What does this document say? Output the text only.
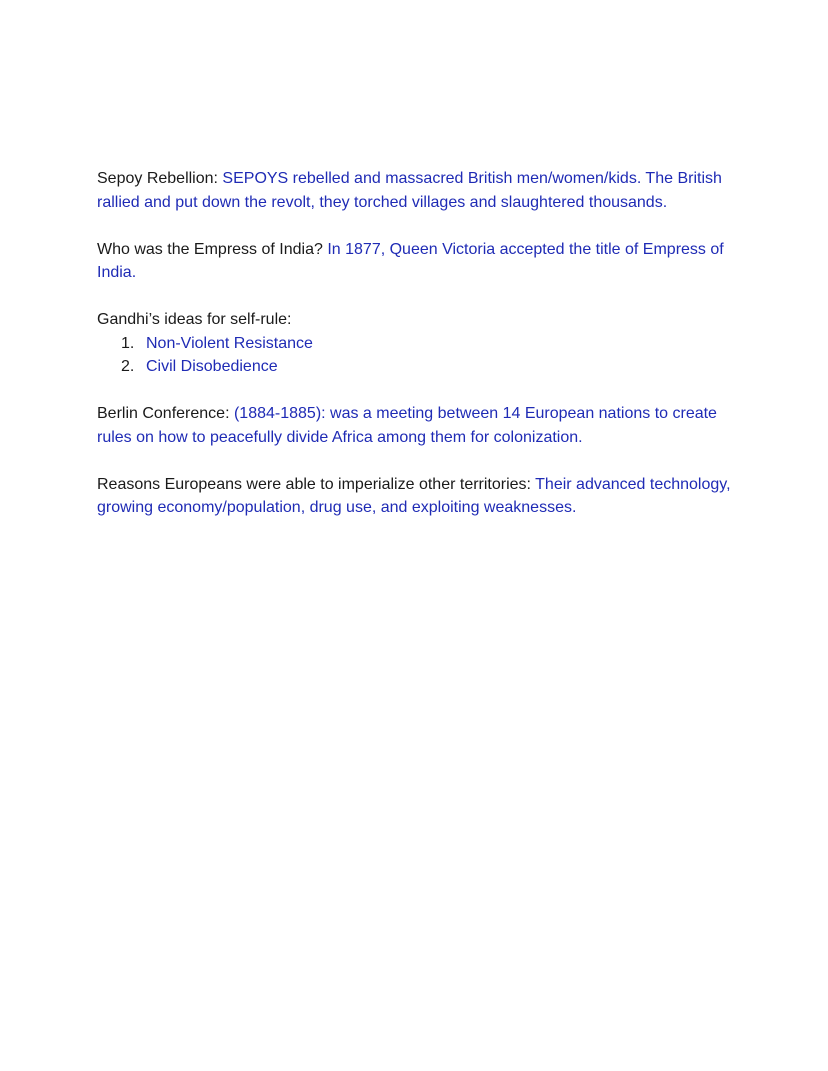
Sepoy Rebellion: SEPOYS rebelled and massacred British men/women/kids. The British rallied and put down the revolt, they torched villages and slaughtered thousands.

Who was the Empress of India? In 1877, Queen Victoria accepted the title of Empress of India.

Gandhi’s ideas for self-rule:
1. Non-Violent Resistance
2. Civil Disobedience

Berlin Conference: (1884-1885): was a meeting between 14 European nations to create rules on how to peacefully divide Africa among them for colonization.

Reasons Europeans were able to imperialize other territories: Their advanced technology, growing economy/population, drug use, and exploiting weaknesses.
